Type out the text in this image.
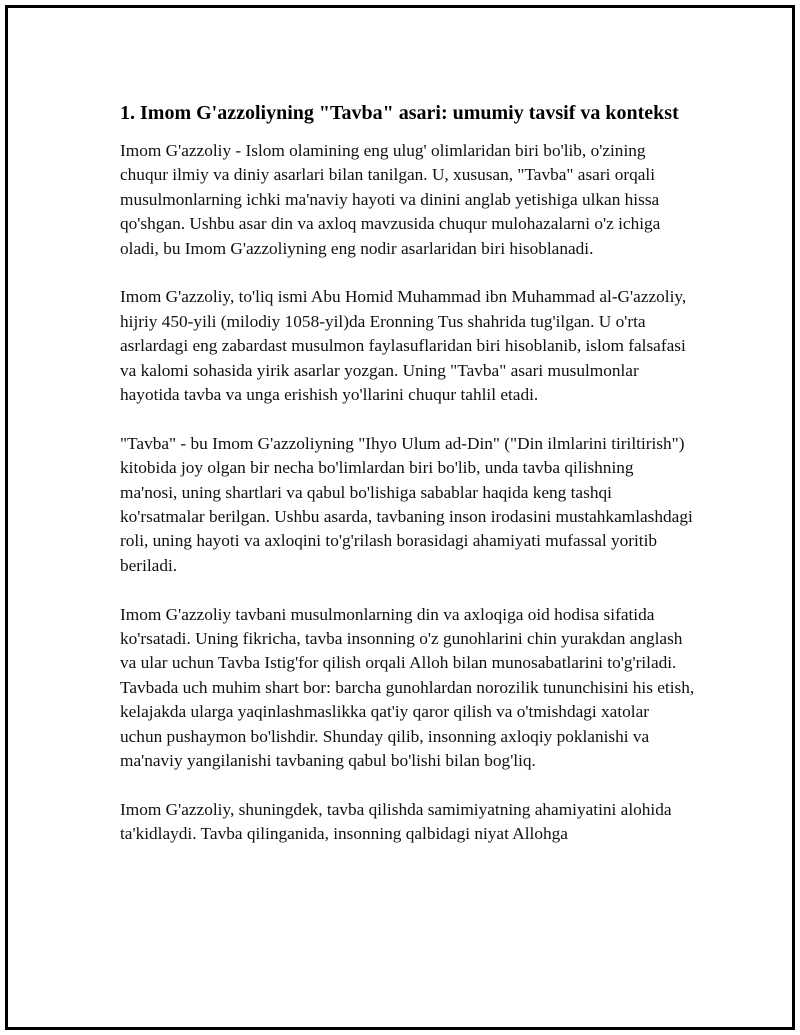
1. Imom G'azzoliyning "Tavba" asari: umumiy tavsif va kontekst

Imom G'azzoliy - Islom olamining eng ulug' olimlaridan biri bo'lib, o'zining chuqur ilmiy va diniy asarlari bilan tanilgan. U, xususan, "Tavba" asari orqali musulmonlarning ichki ma'naviy hayoti va dinini anglab yetishiga ulkan hissa qo'shgan. Ushbu asar din va axloq mavzusida chuqur mulohazalarni o'z ichiga oladi, bu Imom G'azzoliyning eng nodir asarlaridan biri hisoblanadi.

Imom G'azzoliy, to'liq ismi Abu Homid Muhammad ibn Muhammad al-G'azzoliy, hijriy 450-yili (milodiy 1058-yil)da Eronning Tus shahrida tug'ilgan. U o'rta asrlardagi eng zabardast musulmon faylasuflaridan biri hisoblanib, islom falsafasi va kalomi sohasida yirik asarlar yozgan. Uning "Tavba" asari musulmonlar hayotida tavba va unga erishish yo'llarini chuqur tahlil etadi.

"Tavba" - bu Imom G'azzoliyning "Ihyo Ulum ad-Din" ("Din ilmlarini tiriltirish") kitobida joy olgan bir necha bo'limlardan biri bo'lib, unda tavba qilishning ma'nosi, uning shartlari va qabul bo'lishiga sabablar haqida keng tashqi ko'rsatmalar berilgan. Ushbu asarda, tavbaning inson irodasini mustahkamlashdagi roli, uning hayoti va axloqini to'g'rilash borasidagi ahamiyati mufassal yoritib beriladi.

Imom G'azzoliy tavbani musulmonlarning din va axloqiga oid hodisa sifatida ko'rsatadi. Uning fikricha, tavba insonning o'z gunohlarini chin yurakdan anglash va ular uchun Tavba Istig'for qilish orqali Alloh bilan munosabatlarini to'g'riladi. Tavbada uch muhim shart bor: barcha gunohlardan norozilik tununchisini his etish, kelajakda ularga yaqinlashmaslikka qat'iy qaror qilish va o'tmishdagi xatolar uchun pushaymon bo'lishdir. Shunday qilib, insonning axloqiy poklanishi va ma'naviy yangilanishi tavbaning qabul bo'lishi bilan bog'liq.

Imom G'azzoliy, shuningdek, tavba qilishda samimiyatning ahamiyatini alohida ta'kidlaydi. Tavba qilinganida, insonning qalbidagi niyat Allohga
